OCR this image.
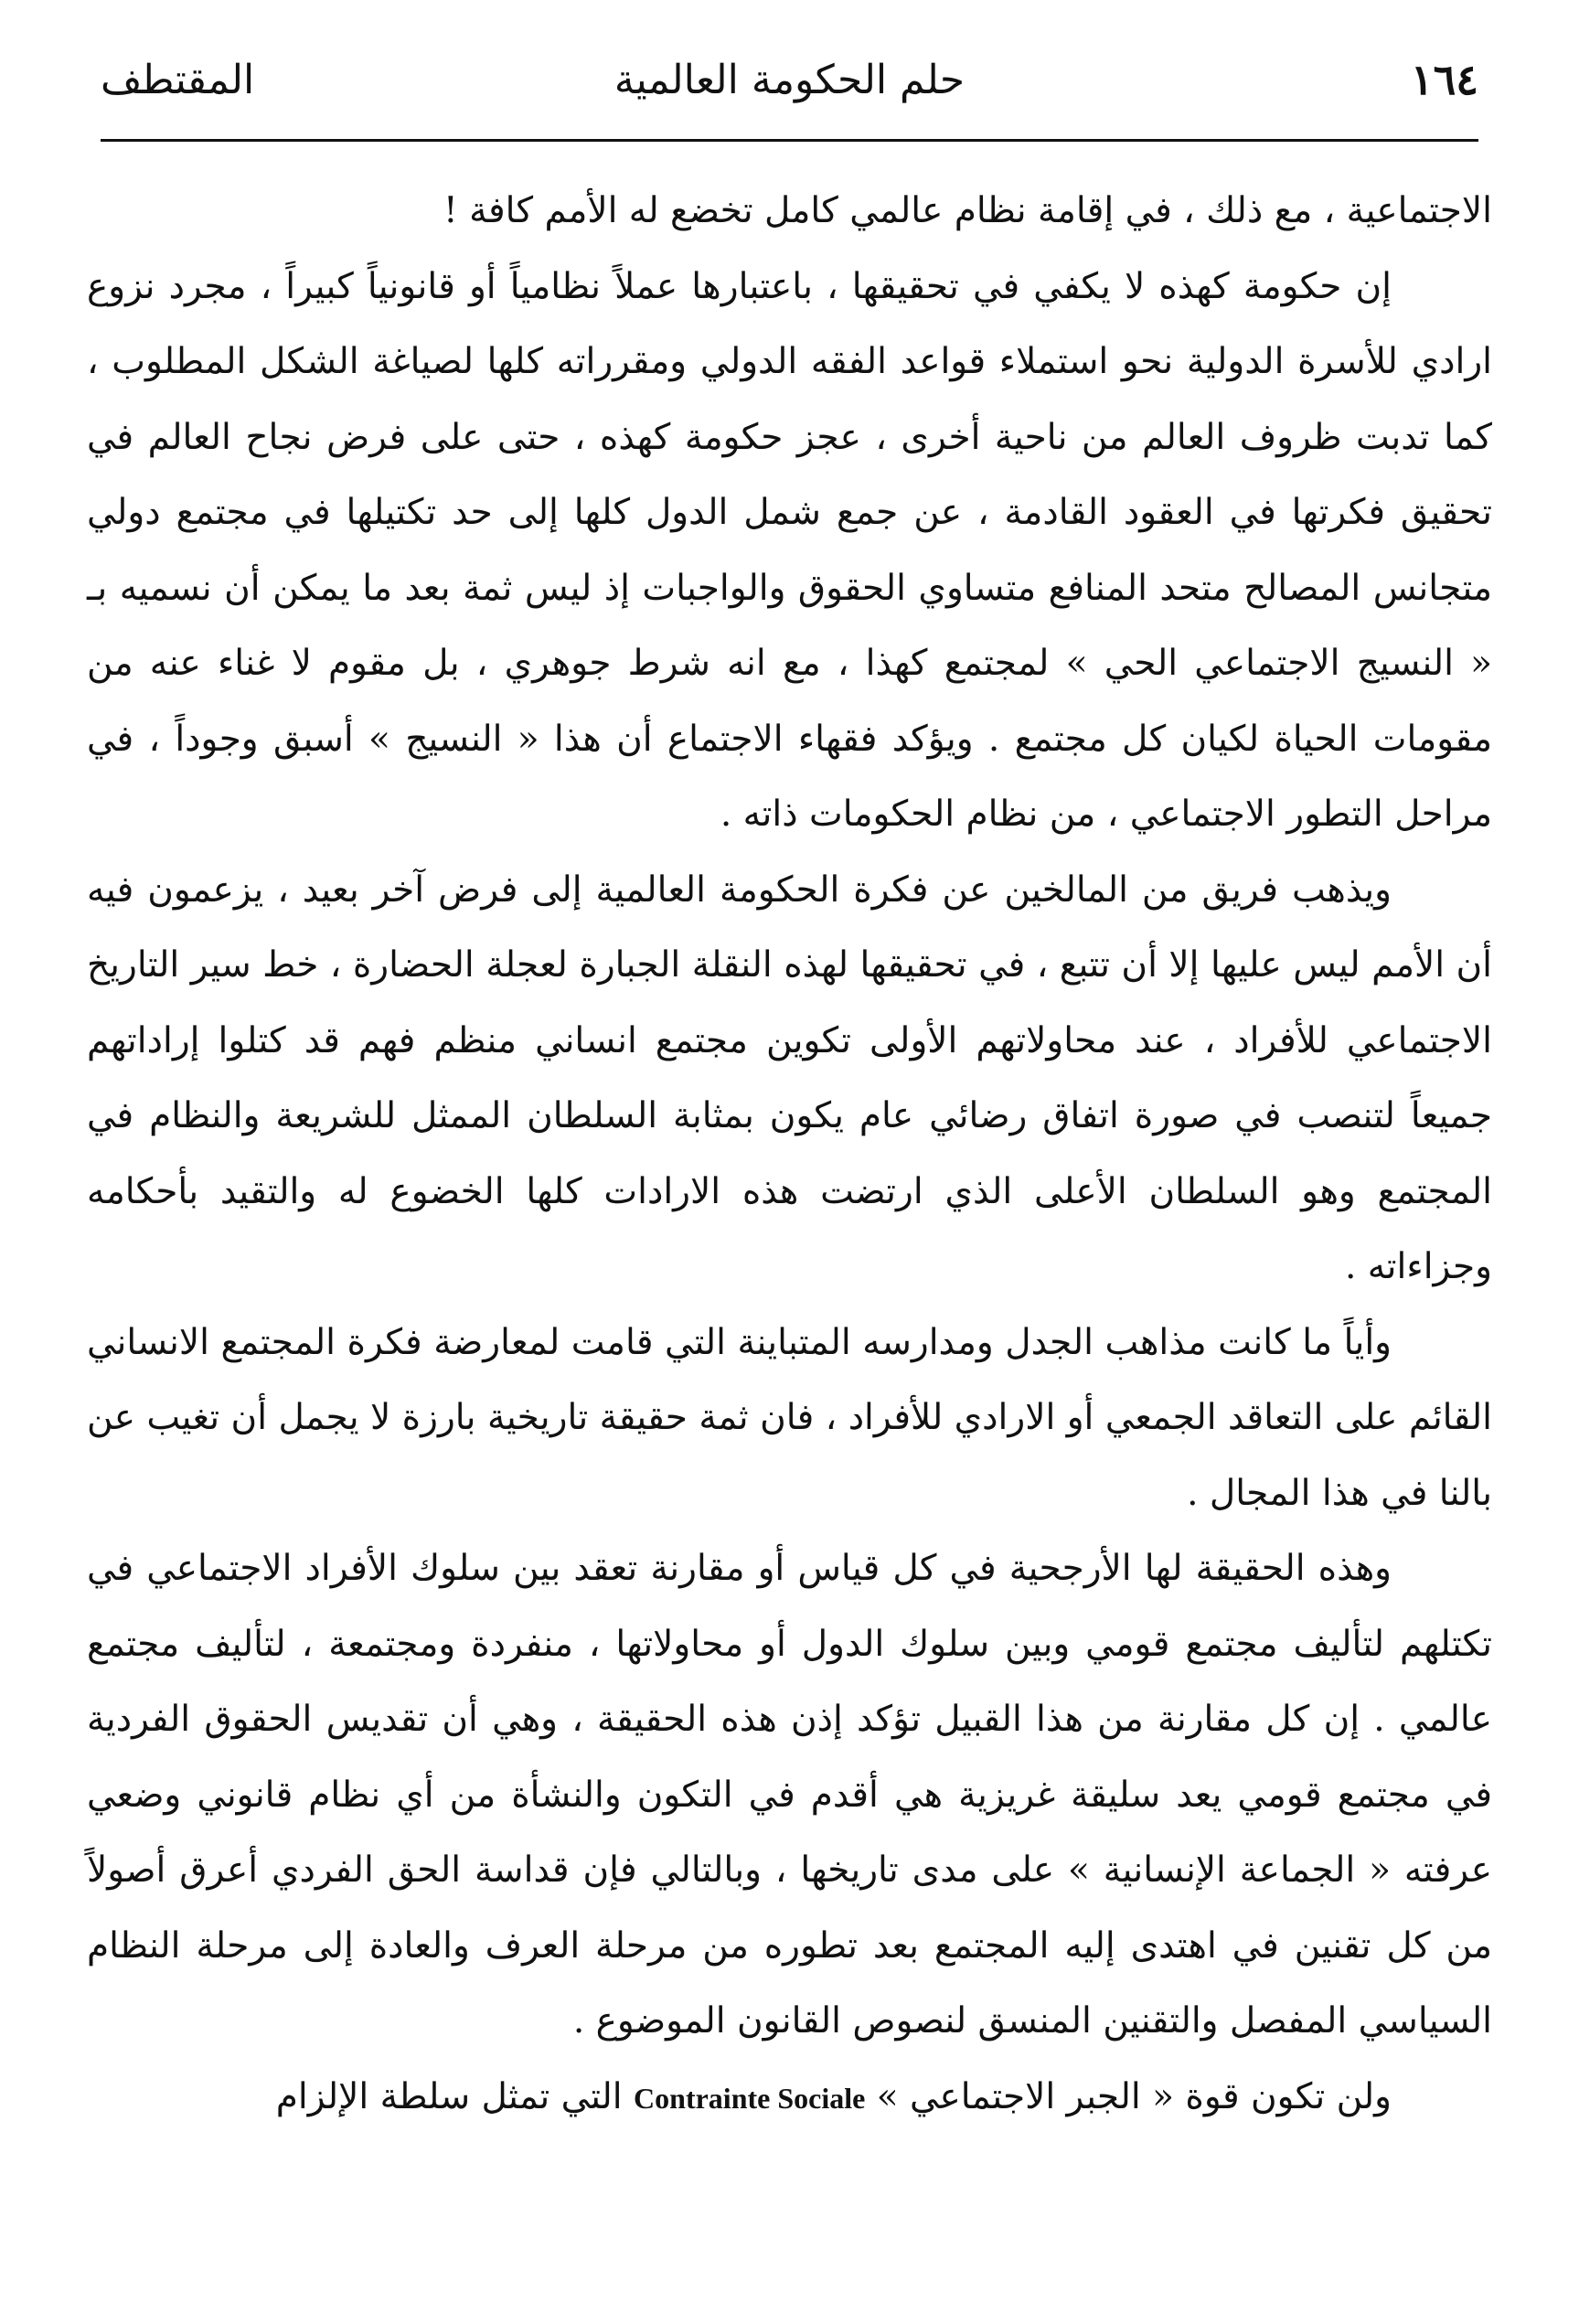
١٦٤
حلم الحكومة العالمية
المقتطف

الاجتماعية ، مع ذلك ، في إقامة نظام عالمي كامل تخضع له الأمم كافة !

إن حكومة كهذه لا يكفي في تحقيقها ، باعتبارها عملاً نظامياً أو قانونياً كبيراً ، مجرد نزوع ارادي للأسرة الدولية نحو استملاء قواعد الفقه الدولي ومقرراته كلها لصياغة الشكل المطلوب ، كما تدبت ظروف العالم من ناحية أخرى ، عجز حكومة كهذه ، حتى على فرض نجاح العالم في تحقيق فكرتها في العقود القادمة ، عن جمع شمل الدول كلها إلى حد تكتيلها في مجتمع دولي متجانس المصالح متحد المنافع متساوي الحقوق والواجبات إذ ليس ثمة بعد ما يمكن أن نسميه بـ « النسيج الاجتماعي الحي » لمجتمع كهذا ، مع انه شرط جوهري ، بل مقوم لا غناء عنه من مقومات الحياة لكيان كل مجتمع . ويؤكد فقهاء الاجتماع أن هذا « النسيج » أسبق وجوداً ، في مراحل التطور الاجتماعي ، من نظام الحكومات ذاته .

ويذهب فريق من المالخين عن فكرة الحكومة العالمية إلى فرض آخر بعيد ، يزعمون فيه أن الأمم ليس عليها إلا أن تتبع ، في تحقيقها لهذه النقلة الجبارة لعجلة الحضارة ، خط سير التاريخ الاجتماعي للأفراد ، عند محاولاتهم الأولى تكوين مجتمع انساني منظم فهم قد كتلوا إراداتهم جميعاً لتنصب في صورة اتفاق رضائي عام يكون بمثابة السلطان الممثل للشريعة والنظام في المجتمع وهو السلطان الأعلى الذي ارتضت هذه الارادات كلها الخضوع له والتقيد بأحكامه وجزاءاته .

وأياً ما كانت مذاهب الجدل ومدارسه المتباينة التي قامت لمعارضة فكرة المجتمع الانساني القائم على التعاقد الجمعي أو الارادي للأفراد ، فان ثمة حقيقة تاريخية بارزة لا يجمل أن تغيب عن بالنا في هذا المجال .

وهذه الحقيقة لها الأرجحية في كل قياس أو مقارنة تعقد بين سلوك الأفراد الاجتماعي في تكتلهم لتأليف مجتمع قومي وبين سلوك الدول أو محاولاتها ، منفردة ومجتمعة ، لتأليف مجتمع عالمي . إن كل مقارنة من هذا القبيل تؤكد إذن هذه الحقيقة ، وهي أن تقديس الحقوق الفردية في مجتمع قومي يعد سليقة غريزية هي أقدم في التكون والنشأة من أي نظام قانوني وضعي عرفته « الجماعة الإنسانية » على مدى تاريخها ، وبالتالي فإن قداسة الحق الفردي أعرق أصولاً من كل تقنين في اهتدى إليه المجتمع بعد تطوره من مرحلة العرف والعادة إلى مرحلة النظام السياسي المفصل والتقنين المنسق لنصوص القانون الموضوع .

ولن تكون قوة « الجبر الاجتماعي » Contrainte Sociale التي تمثل سلطة الإلزام
